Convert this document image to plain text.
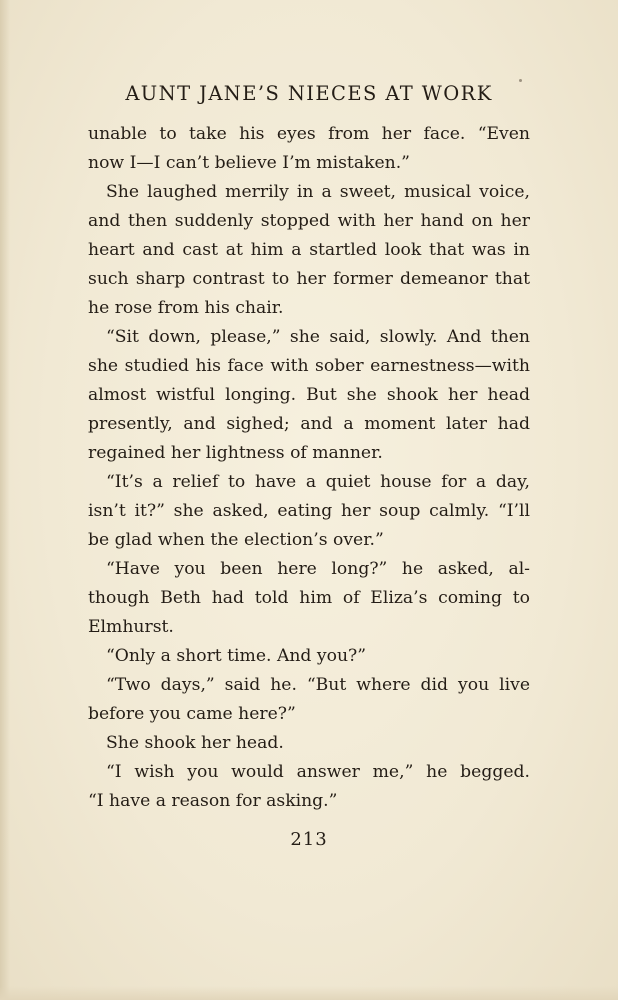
AUNT JANE’S NIECES AT WORK
unable to take his eyes from her face. “Even
now I—I can’t believe I’m mistaken.”
She laughed merrily in a sweet, musical voice,
and then suddenly stopped with her hand on her
heart and cast at him a startled look that was in
such sharp contrast to her former demeanor that
he rose from his chair.
“Sit down, please,” she said, slowly. And then
she studied his face with sober earnestness—with
almost wistful longing. But she shook her head
presently, and sighed; and a moment later had
regained her lightness of manner.
“It’s a relief to have a quiet house for a day,
isn’t it?” she asked, eating her soup calmly. “I’ll
be glad when the election’s over.”
“Have you been here long?” he asked, al-
though Beth had told him of Eliza’s coming to
Elmhurst.
“Only a short time. And you?”
“Two days,” said he. “But where did you live
before you came here?”
She shook her head.
“I wish you would answer me,” he begged.
“I have a reason for asking.”
213
